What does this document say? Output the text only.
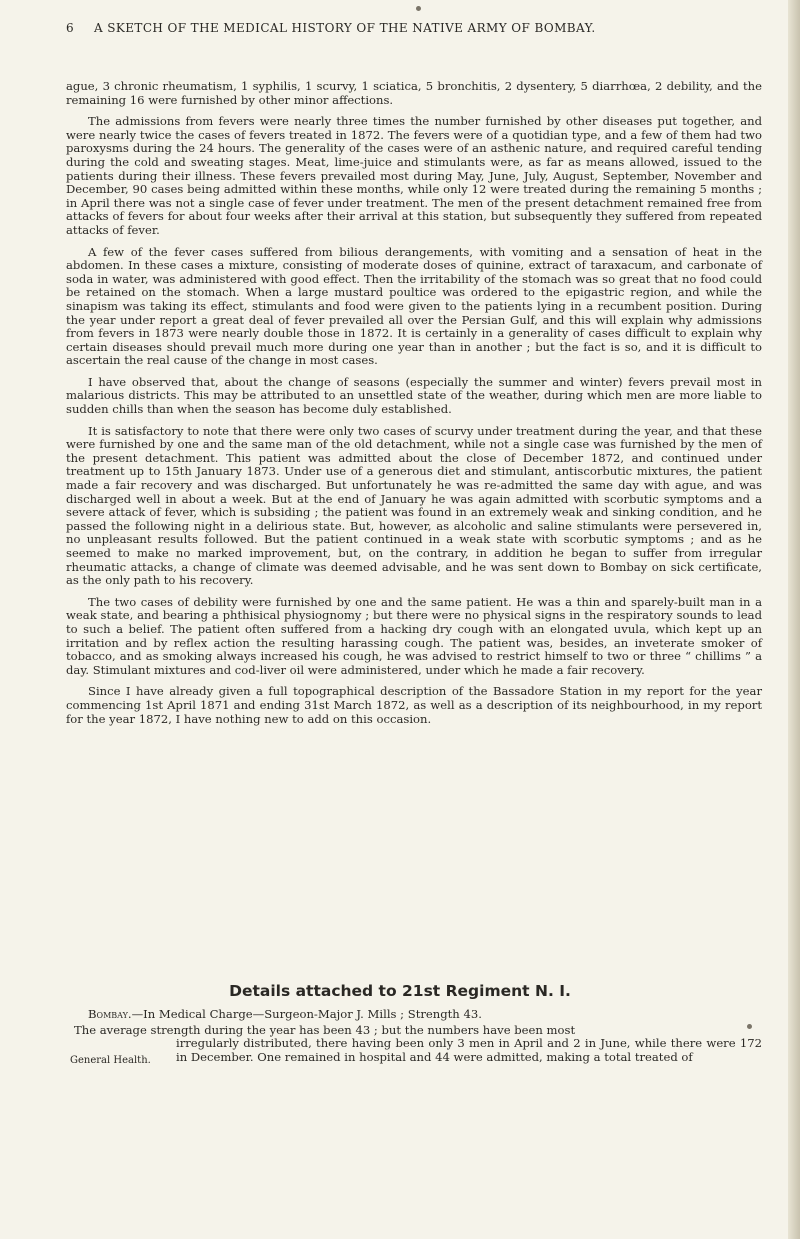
6 A SKETCH OF THE MEDICAL HISTORY OF THE NATIVE ARMY OF BOMBAY.

ague, 3 chronic rheumatism, 1 syphilis, 1 scurvy, 1 sciatica, 5 bronchitis, 2 dysentery, 5 diarrhœa, 2 debility, and the remaining 16 were furnished by other minor affections.

The admissions from fevers were nearly three times the number furnished by other diseases put together, and were nearly twice the cases of fevers treated in 1872. The fevers were of a quotidian type, and a few of them had two paroxysms during the 24 hours. The generality of the cases were of an asthenic nature, and required careful tending during the cold and sweating stages. Meat, lime-juice and stimulants were, as far as means allowed, issued to the patients during their illness. These fevers prevailed most during May, June, July, August, September, November and December, 90 cases being admitted within these months, while only 12 were treated during the remaining 5 months ; in April there was not a single case of fever under treatment. The men of the present detachment remained free from attacks of fevers for about four weeks after their arrival at this station, but subsequently they suffered from repeated attacks of fever.

A few of the fever cases suffered from bilious derangements, with vomiting and a sensation of heat in the abdomen. In these cases a mixture, consisting of moderate doses of quinine, extract of taraxacum, and carbonate of soda in water, was administered with good effect. Then the irritability of the stomach was so great that no food could be retained on the stomach. When a large mustard poultice was ordered to the epigastric region, and while the sinapism was taking its effect, stimulants and food were given to the patients lying in a recumbent position. During the year under report a great deal of fever prevailed all over the Persian Gulf, and this will explain why admissions from fevers in 1873 were nearly double those in 1872. It is certainly in a generality of cases difficult to explain why certain diseases should prevail much more during one year than in another ; but the fact is so, and it is difficult to ascertain the real cause of the change in most cases.

I have observed that, about the change of seasons (especially the summer and winter) fevers prevail most in malarious districts. This may be attributed to an unsettled state of the weather, during which men are more liable to sudden chills than when the season has become duly established.

It is satisfactory to note that there were only two cases of scurvy under treatment during the year, and that these were furnished by one and the same man of the old detachment, while not a single case was furnished by the men of the present detachment. This patient was admitted about the close of December 1872, and continued under treatment up to 15th January 1873. Under use of a generous diet and stimulant, antiscorbutic mixtures, the patient made a fair recovery and was discharged. But unfortunately he was re-admitted the same day with ague, and was discharged well in about a week. But at the end of January he was again admitted with scorbutic symptoms and a severe attack of fever, which is subsiding ; the patient was found in an extremely weak and sinking condition, and he passed the following night in a delirious state. But, however, as alcoholic and saline stimulants were persevered in, no unpleasant results followed. But the patient continued in a weak state with scorbutic symptoms ; and as he seemed to make no marked improvement, but, on the contrary, in addition he began to suffer from irregular rheumatic attacks, a change of climate was deemed advisable, and he was sent down to Bombay on sick certificate, as the only path to his recovery.

The two cases of debility were furnished by one and the same patient. He was a thin and sparely-built man in a weak state, and bearing a phthisical physiognomy ; but there were no physical signs in the respiratory sounds to lead to such a belief. The patient often suffered from a hacking dry cough with an elongated uvula, which kept up an irritation and by reflex action the resulting harassing cough. The patient was, besides, an inveterate smoker of tobacco, and as smoking always increased his cough, he was advised to restrict himself to two or three “ chillims ” a day. Stimulant mixtures and cod-liver oil were administered, under which he made a fair recovery.

Since I have already given a full topographical description of the Bassadore Station in my report for the year commencing 1st April 1871 and ending 31st March 1872, as well as a description of its neighbourhood, in my report for the year 1872, I have nothing new to add on this occasion.

Details attached to 21st Regiment N. I.

Bombay.—In Medical Charge—Surgeon-Major J. Mills ; Strength 43.

The average strength during the year has been 43 ; but the numbers have been most

General Health.

irregularly distributed, there having been only 3 men in April and 2 in June, while there were 172 in December. One remained in hospital and 44 were admitted, making a total treated of
